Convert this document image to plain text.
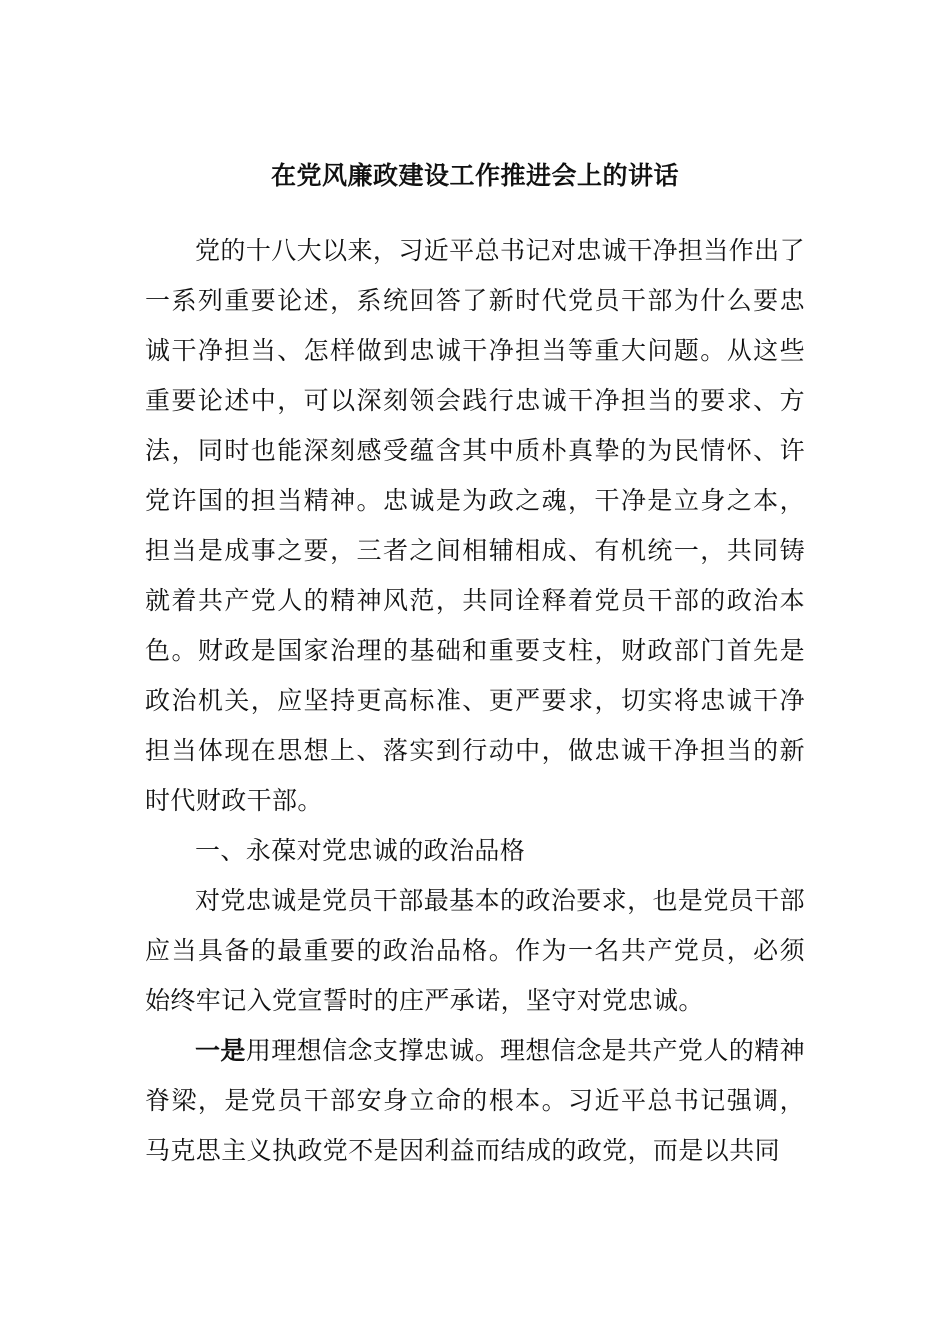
在党风廉政建设工作推进会上的讲话

党的十八大以来，习近平总书记对忠诚干净担当作出了一系列重要论述，系统回答了新时代党员干部为什么要忠诚干净担当、怎样做到忠诚干净担当等重大问题。从这些重要论述中，可以深刻领会践行忠诚干净担当的要求、方法，同时也能深刻感受蕴含其中质朴真挚的为民情怀、许党许国的担当精神。忠诚是为政之魂，干净是立身之本，担当是成事之要，三者之间相辅相成、有机统一，共同铸就着共产党人的精神风范，共同诠释着党员干部的政治本色。财政是国家治理的基础和重要支柱，财政部门首先是政治机关，应坚持更高标准、更严要求，切实将忠诚干净担当体现在思想上、落实到行动中，做忠诚干净担当的新时代财政干部。

一、永葆对党忠诚的政治品格

对党忠诚是党员干部最基本的政治要求，也是党员干部应当具备的最重要的政治品格。作为一名共产党员，必须始终牢记入党宣誓时的庄严承诺，坚守对党忠诚。

一是用理想信念支撑忠诚。理想信念是共产党人的精神脊梁，是党员干部安身立命的根本。习近平总书记强调，马克思主义执政党不是因利益而结成的政党，而是以共同
